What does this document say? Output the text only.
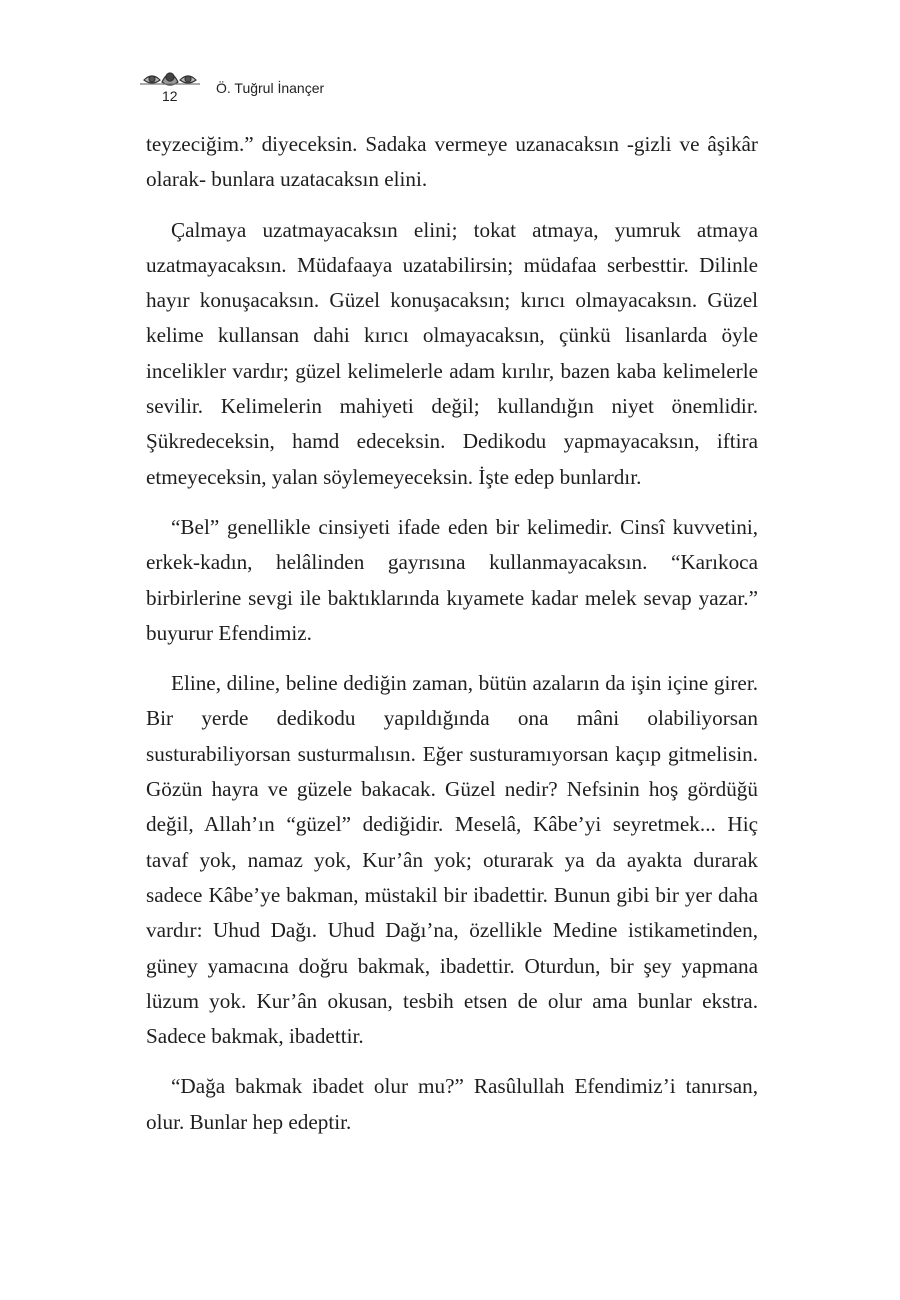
12	Ö. Tuğrul İnançer

teyzeciğim.” diyeceksin. Sadaka vermeye uzanacaksın -gizli ve âşikâr olarak- bunlara uzatacaksın elini.

Çalmaya uzatmayacaksın elini; tokat atmaya, yumruk atmaya uzatmayacaksın. Müdafaaya uzatabilirsin; müdafaa serbesttir. Dilinle hayır konuşacaksın. Güzel konuşacaksın; kırıcı olmayacaksın. Güzel kelime kullansan dahi kırıcı olmayacaksın, çünkü lisanlarda öyle incelikler vardır; güzel kelimelerle adam kırılır, bazen kaba kelimelerle sevilir. Kelimelerin mahiyeti değil; kullandığın niyet önemlidir. Şükredeceksin, hamd edeceksin. Dedikodu yapmayacaksın, iftira etmeyeceksin, yalan söylemeyeceksin. İşte edep bunlardır.

“Bel” genellikle cinsiyeti ifade eden bir kelimedir. Cinsî kuvvetini, erkek-kadın, helâlinden gayrısına kullanmayacaksın. “Karıkoca birbirlerine sevgi ile baktıklarında kıyamete kadar melek sevap yazar.” buyurur Efendimiz.

Eline, diline, beline dediğin zaman, bütün azaların da işin içine girer. Bir yerde dedikodu yapıldığında ona mâni olabiliyorsan susturabiliyorsan susturmalısın. Eğer susturamıyorsan kaçıp gitmelisin. Gözün hayra ve güzele bakacak. Güzel nedir? Nefsinin hoş gördüğü değil, Allah’ın “güzel” dediğidir. Meselâ, Kâbe’yi seyretmek... Hiç tavaf yok, namaz yok, Kur’ân yok; oturarak ya da ayakta durarak sadece Kâbe’ye bakman, müstakil bir ibadettir. Bunun gibi bir yer daha vardır: Uhud Dağı. Uhud Dağı’na, özellikle Medine istikametinden, güney yamacına doğru bakmak, ibadettir. Oturdun, bir şey yapmana lüzum yok. Kur’ân okusan, tesbih etsen de olur ama bunlar ekstra. Sadece bakmak, ibadettir.

“Dağa bakmak ibadet olur mu?” Rasûlullah Efendimiz’i tanırsan, olur. Bunlar hep edeptir.
